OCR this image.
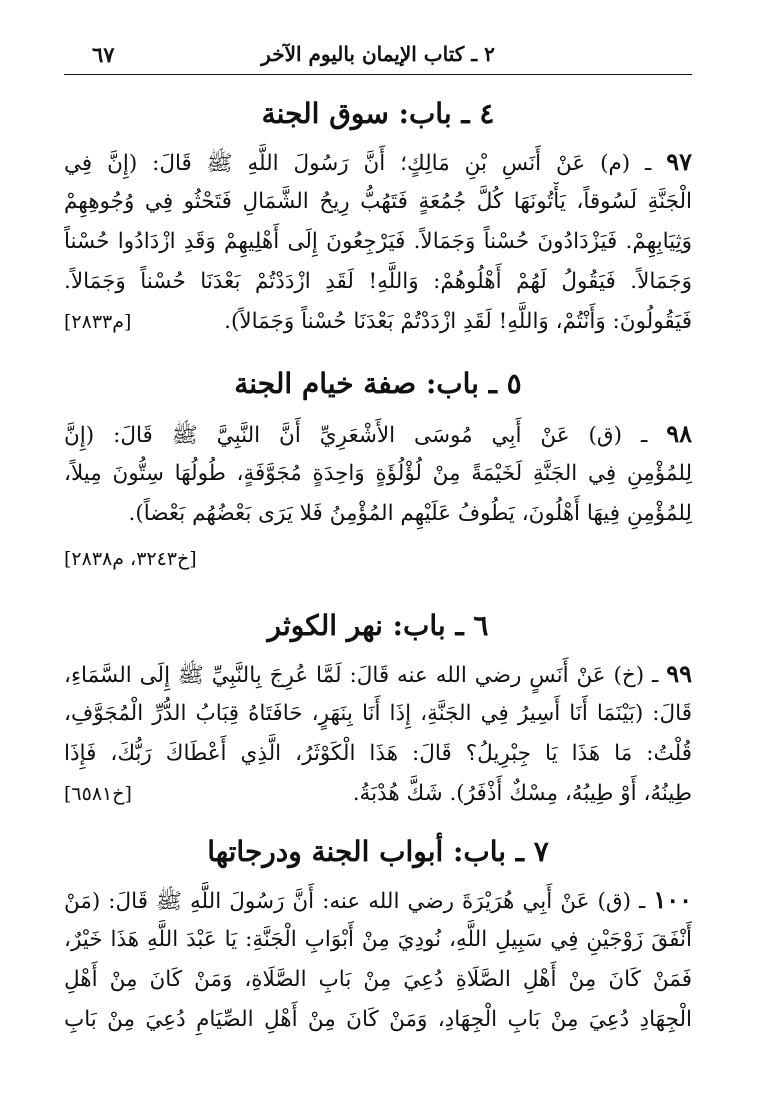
٢ ـ كتاب الإيمان باليوم الآخر
٦٧
٤ ـ باب: سوق الجنة
٩٧ ـ (م) عَنْ أَنَسِ بْنِ مَالِكٍ؛ أَنَّ رَسُولَ اللَّهِ ﷺ قَالَ: (إِنَّ فِي
الْجَنَّةِ لَسُوقاً، يَأْتُونَهَا كُلَّ جُمُعَةٍ فَتَهُبُّ رِيحُ الشَّمَالِ فَتَحْثُو فِي وُجُوهِهِمْ
وَثِيَابِهِمْ. فَيَزْدَادُونَ حُسْناً وَجَمَالاً. فَيَرْجِعُونَ إِلَى أَهْلِيهِمْ وَقَدِ ازْدَادُوا حُسْناً
وَجَمَالاً. فَيَقُولُ لَهُمْ أَهْلُوهُمْ: وَاللَّهِ! لَقَدِ ازْدَدْتُمْ بَعْدَنَا حُسْناً وَجَمَالاً.
فَيَقُولُونَ: وَأَنْتُمْ، وَاللَّهِ! لَقَدِ ازْدَدْتُمْ بَعْدَنَا حُسْناً وَجَمَالاً).
[م٢٨٣٣]
٥ ـ باب: صفة خيام الجنة
٩٨ ـ (ق) عَنْ أَبِي مُوسَى الأَشْعَرِيِّ أَنَّ النَّبِيَّ ﷺ قَالَ: (إِنَّ
لِلمُؤْمِنِ فِي الجَنَّةِ لَخَيْمَةً مِنْ لُؤْلُؤَةٍ وَاحِدَةٍ مُجَوَّفَةٍ، طُولُهَا سِتُّونَ مِيلاً،
لِلمُؤْمِنِ فِيهَا أَهْلُونَ، يَطُوفُ عَلَيْهِم المُؤْمِنُ فَلا يَرَى بَعْضُهُم بَعْضاً).
[خ٣٢٤٣، م٢٨٣٨]
٦ ـ باب: نهر الكوثر
٩٩ ـ (خ) عَنْ أَنَسٍ رضي الله عنه قَالَ: لَمَّا عُرِجَ بِالنَّبِيِّ ﷺ إِلَى السَّمَاءِ،
قَالَ: (بَيْنَمَا أَنَا أَسِيرُ فِي الجَنَّةِ، إِذَا أَنَا بِنَهَرٍ، حَافَتَاهُ قِبَابُ الدُّرِّ الْمُجَوَّفِ،
قُلْتُ: مَا هَذَا يَا جِبْرِيلُ؟ قَالَ: هَذَا الْكَوْثَرُ، الَّذِي أَعْطَاكَ رَبُّكَ، فَإِذَا
طِينُهُ، أَوْ طِيبُهُ، مِسْكٌ أَذْفَرُ). شَكَّ هُدْبَةُ.
[خ٦٥٨١]
٧ ـ باب: أبواب الجنة ودرجاتها
١٠٠ ـ (ق) عَنْ أَبِي هُرَيْرَةَ رضي الله عنه: أَنَّ رَسُولَ اللَّهِ ﷺ قَالَ: (مَنْ
أَنْفَقَ زَوْجَيْنِ فِي سَبِيلِ اللَّهِ، نُودِيَ مِنْ أَبْوَابِ الْجَنَّةِ: يَا عَبْدَ اللَّهِ هَذَا خَيْرٌ،
فَمَنْ كَانَ مِنْ أَهْلِ الصَّلَاةِ دُعِيَ مِنْ بَابِ الصَّلَاةِ، وَمَنْ كَانَ مِنْ أَهْلِ
الْجِهَادِ دُعِيَ مِنْ بَابِ الْجِهَادِ، وَمَنْ كَانَ مِنْ أَهْلِ الصِّيَامِ دُعِيَ مِنْ بَابِ
